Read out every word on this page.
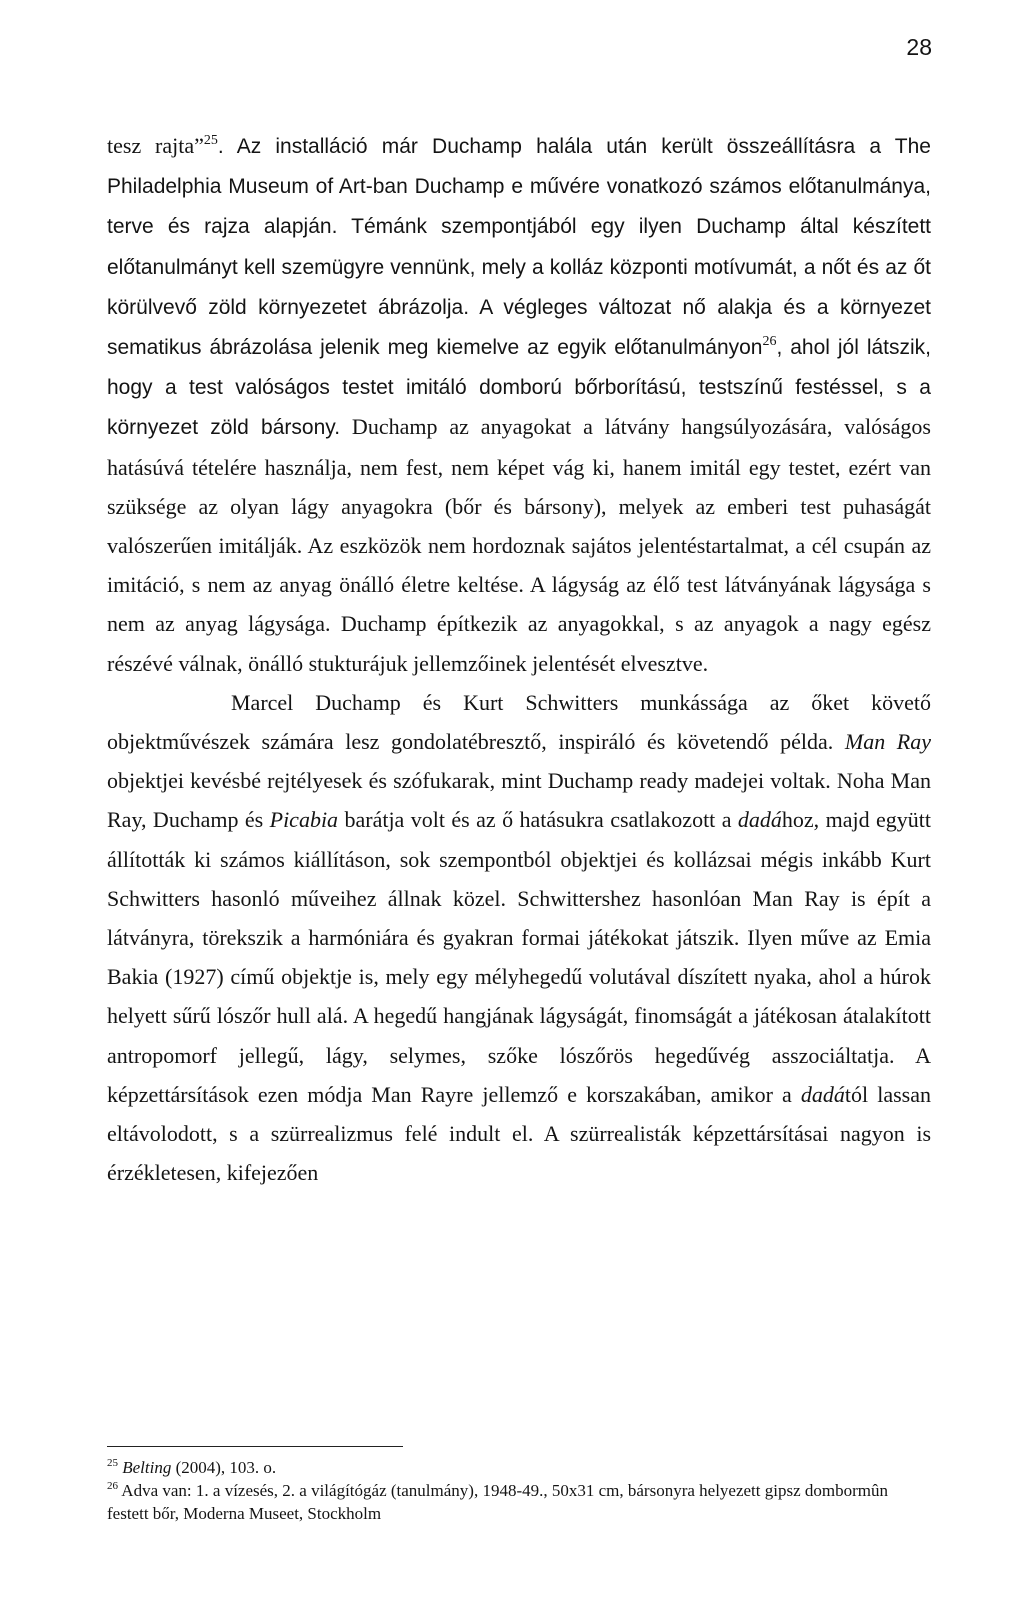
28

tesz rajta”$^{25}$. Az installáció már Duchamp halála után került összeállításra a The Philadelphia Museum of Art-ban Duchamp e művére vonatkozó számos előtanulmánya, terve és rajza alapján. Témánk szempontjából egy ilyen Duchamp által készített előtanulmányt kell szemügyre vennünk, mely a kolláz központi motívumát, a nőt és az őt körülvevő zöld környezetet ábrázolja. A végleges változat nő alakja és a környezet sematikus ábrázolása jelenik meg kiemelve az egyik előtanulmányon$^{26}$, ahol jól látszik, hogy a test valóságos testet imitáló domború bőrborítású, testszínű festéssel, s a környezet zöld bársony. Duchamp az anyagokat a látvány hangsúlyozására, valóságos hatásúvá tételére használja, nem fest, nem képet vág ki, hanem imitál egy testet, ezért van szüksége az olyan lágy anyagokra (bőr és bársony), melyek az emberi test puhaságát valószerűen imitálják. Az eszközök nem hordoznak sajátos jelentéstartalmat, a cél csupán az imitáció, s nem az anyag önálló életre keltése. A lágyság az élő test látványának lágysága s nem az anyag lágysága. Duchamp építkezik az anyagokkal, s az anyagok a nagy egész részévé válnak, önálló stukturájuk jellemzőinek jelentését elvesztve.

Marcel Duchamp és Kurt Schwitters munkássága az őket követő objektművészek számára lesz gondolatébresztő, inspiráló és követendő példa. Man Ray objektjei kevésbé rejtélyesek és szófukarak, mint Duchamp ready madejei voltak. Noha Man Ray, Duchamp és Picabia barátja volt és az ő hatásukra csatlakozott a dadához, majd együtt állították ki számos kiállításon, sok szempontból objektjei és kollázsai mégis inkább Kurt Schwitters hasonló műveihez állnak közel. Schwittershez hasonlóan Man Ray is épít a látványra, törekszik a harmóniára és gyakran formai játékokat játszik. Ilyen műve az Emia Bakia (1927) című objektje is, mely egy mélyhegedű volutával díszített nyaka, ahol a húrok helyett sűrű lószőr hull alá. A hegedű hangjának lágyságát, finomságát a játékosan átalakított antropomorf jellegű, lágy, selymes, szőke lószőrös hegedűvég asszociáltatja. A képzettársítások ezen módja Man Rayre jellemző e korszakában, amikor a dadától lassan eltávolodott, s a szürrealizmus felé indult el. A szürrealisták képzettársításai nagyon is érzékletesen, kifejezően

$^{25}$ Belting (2004), 103. o.

$^{26}$ Adva van: 1. a vízesés, 2. a világítógáz (tanulmány), 1948-49., 50x31 cm, bársonyra helyezett gipsz dombormûn festett bőr, Moderna Museet, Stockholm
